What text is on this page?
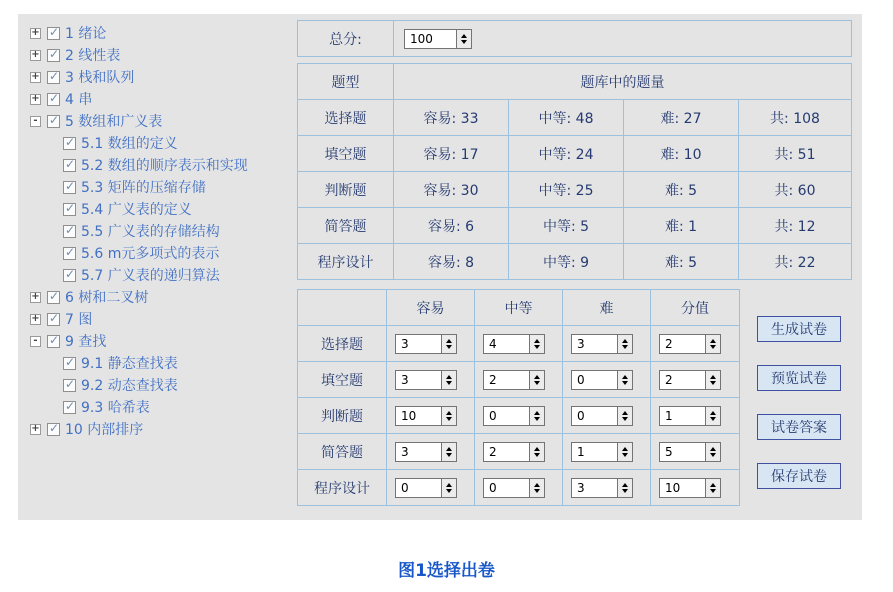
+ ✓ 1 绪论
+ ✓ 2 线性表
+ ✓ 3 栈和队列
+ ✓ 4 串
- ✓ 5 数组和广义表
✓
5.1 数组的定义
✓
5.2 数组的顺序表示和实现
✓
5.3 矩阵的压缩存储
✓
5.4 广义表的定义
✓
5.5 广义表的存储结构
✓
5.6 m元多项式的表示
✓
5.7 广义表的递归算法
+ ✓ 6 树和二叉树
+ ✓ 7 图
- ✓ 9 查找
✓
9.1 静态查找表
✓
9.2 动态查找表
✓
9.3 哈希表
+ ✓ 10 内部排序
总分:	100
题型	题库中的题量			
选择题	容易: 33	中等: 48	难: 27	共: 108
填空题	容易: 17	中等: 24	难: 10	共: 51
判断题	容易: 30	中等: 25	难: 5	共: 60
简答题	容易: 6	中等: 5	难: 1	共: 12
程序设计	容易: 8	中等: 9	难: 5	共: 22
	容易	中等	难	分值
选择题	3	4	3	2

填空题	3	2	0	2

判断题	10	0	0	1

简答题	3	2	1	5

程序设计	0	0	3	10
生成试卷
预览试卷
试卷答案
保存试卷
图1选择出卷
